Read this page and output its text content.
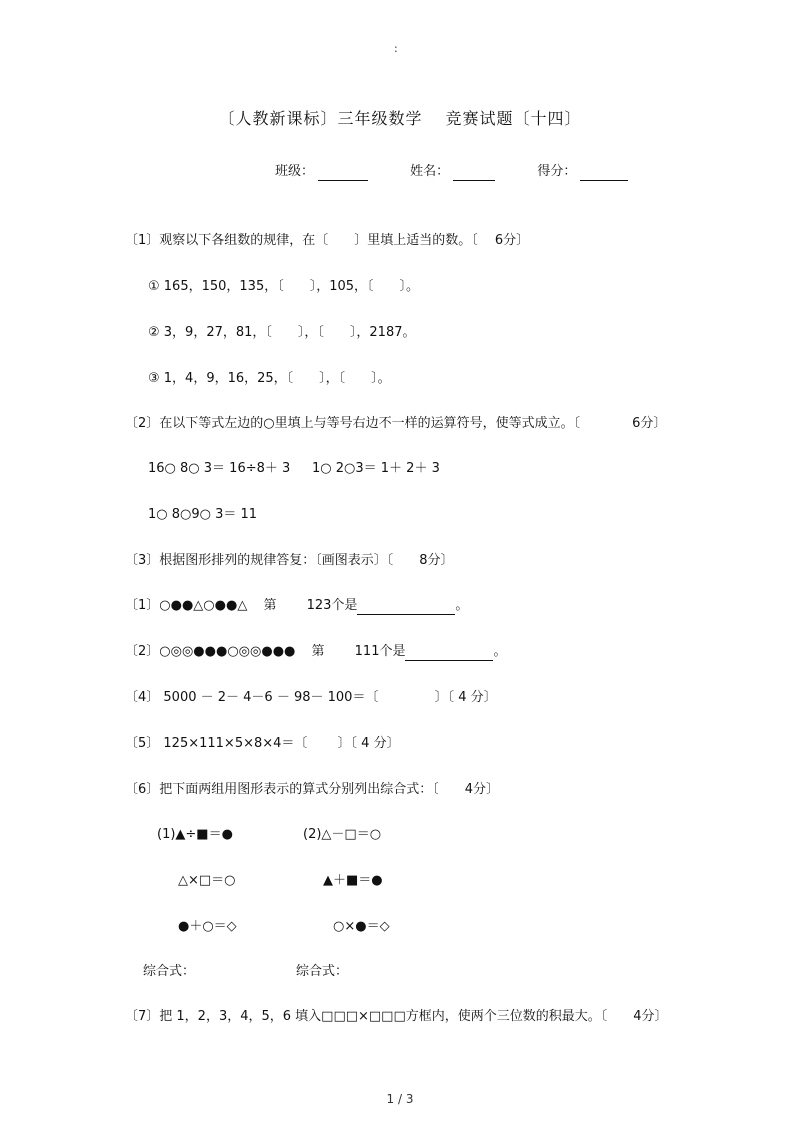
:
〔人教新课标〕三年级数学　 竞赛试题〔十四〕
班级：	姓名：	得分：
〔1〕观察以下各组数的规律，在〔　　〕里填上适当的数。〔　 6分〕
① 165，150，135，〔　　〕，105，〔　　〕。
② 3，9，27，81，〔　　〕，〔　　〕，2187。
③ 1，4，9，16，25，〔　　〕，〔　　〕。
〔2〕在以下等式左边的○里填上与等号右边不一样的运算符号，使等式成立。〔　　　　6分〕
16○ 8○ 3＝ 16÷8＋ 3 1○ 2○3＝ 1＋ 2＋ 3
1○ 8○9○ 3＝ 11
〔3〕根据图形排列的规律答复：〔画图表示〕〔　　8分〕
〔1〕○●●△○●●△ 第　　 123个是	。
〔2〕○◎◎●●●○◎◎●●● 第　　 111个是	。
〔4〕 5000 － 2－ 4－6 － 98－ 100＝〔　　　　 〕〔 4 分〕
〔5〕 125×111×5×8×4＝〔　　 〕〔 4 分〕
〔6〕把下面两组用图形表示的算式分别列出综合式：〔　　4分〕
(1)▲÷■＝●	(2)△－□＝○
△×□＝○	▲＋■＝●
●＋○＝◇	○×●＝◇
综合式：	综合式：
〔7〕把 1，2，3，4，5，6 填入□□□×□□□方框内，使两个三位数的积最大。〔　　4分〕
1 / 3
